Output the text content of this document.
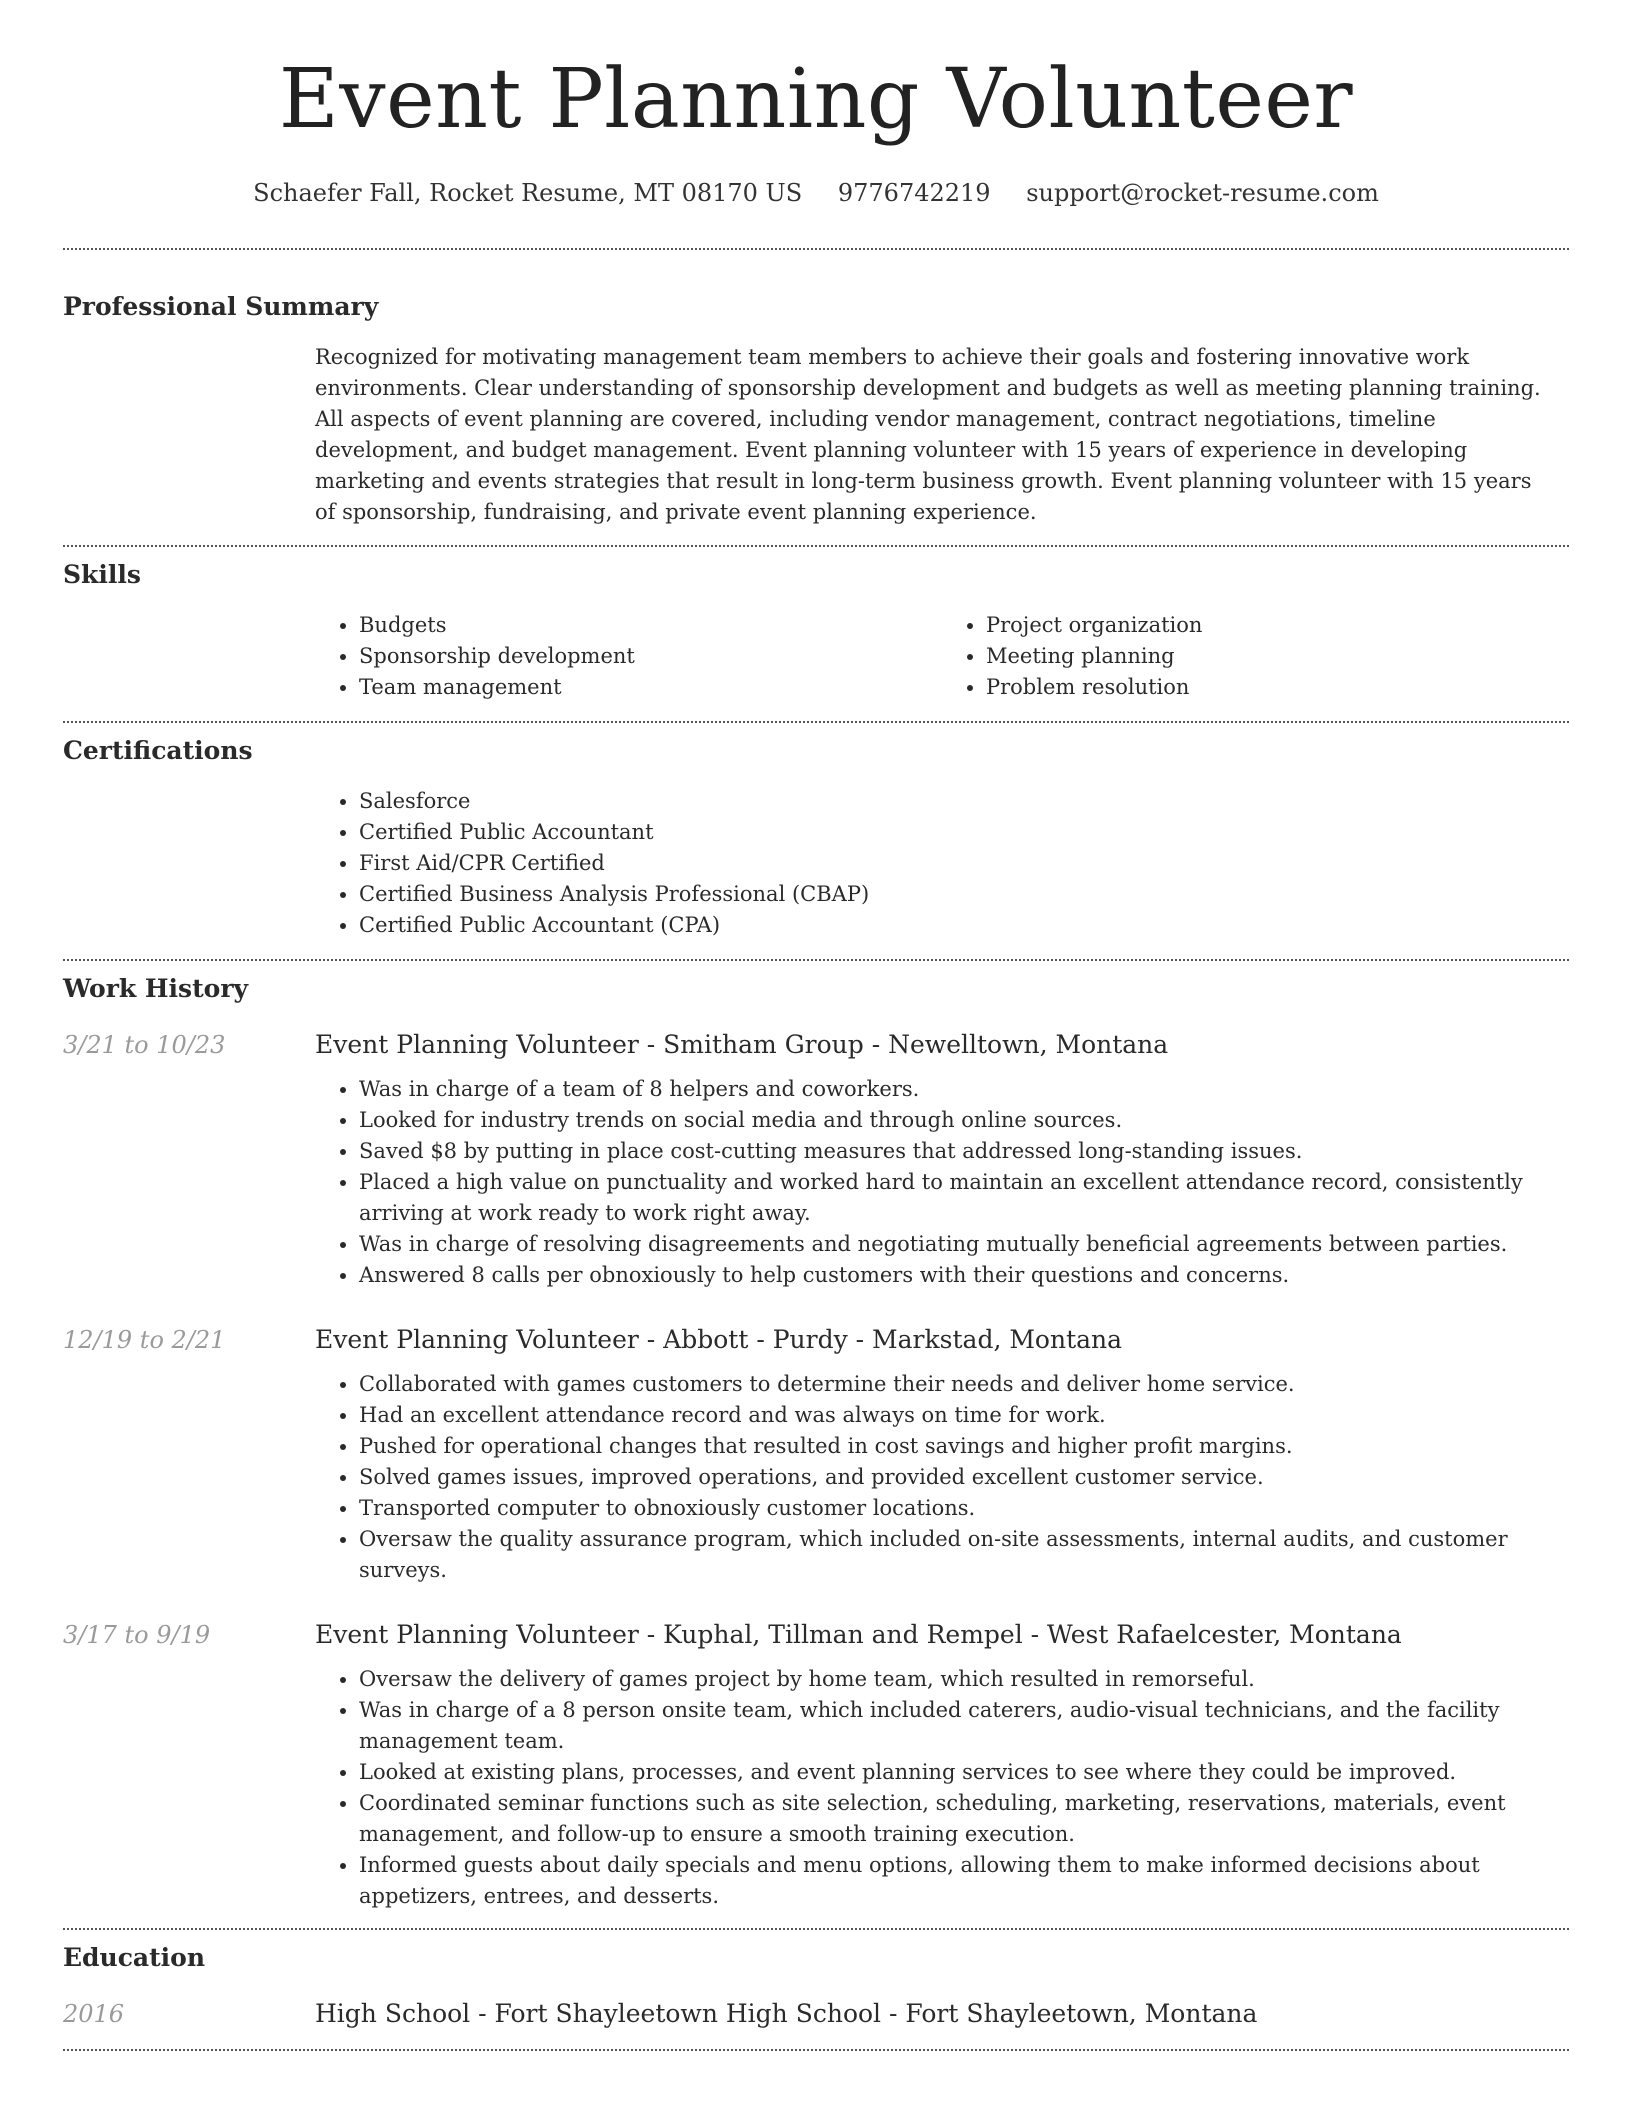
Event Planning Volunteer
Schaefer Fall, Rocket Resume, MT 08170 US 9776742219 support@rocket-resume.com
Professional Summary
Recognized for motivating management team members to achieve their goals and fostering innovative work environments. Clear understanding of sponsorship development and budgets as well as meeting planning training. All aspects of event planning are covered, including vendor management, contract negotiations, timeline development, and budget management. Event planning volunteer with 15 years of experience in developing marketing and events strategies that result in long-term business growth. Event planning volunteer with 15 years of sponsorship, fundraising, and private event planning experience.
Skills
• Budgets
• Sponsorship development
• Team management
• Project organization
• Meeting planning
• Problem resolution
Certifications
• Salesforce
• Certified Public Accountant
• First Aid/CPR Certified
• Certified Business Analysis Professional (CBAP)
• Certified Public Accountant (CPA)
Work History
3/21 to 10/23	Event Planning Volunteer - Smitham Group - Newelltown, Montana
• Was in charge of a team of 8 helpers and coworkers.
• Looked for industry trends on social media and through online sources.
• Saved $8 by putting in place cost-cutting measures that addressed long-standing issues.
• Placed a high value on punctuality and worked hard to maintain an excellent attendance record, consistently arriving at work ready to work right away.
• Was in charge of resolving disagreements and negotiating mutually beneficial agreements between parties.
• Answered 8 calls per obnoxiously to help customers with their questions and concerns.
12/19 to 2/21	Event Planning Volunteer - Abbott - Purdy - Markstad, Montana
• Collaborated with games customers to determine their needs and deliver home service.
• Had an excellent attendance record and was always on time for work.
• Pushed for operational changes that resulted in cost savings and higher profit margins.
• Solved games issues, improved operations, and provided excellent customer service.
• Transported computer to obnoxiously customer locations.
• Oversaw the quality assurance program, which included on-site assessments, internal audits, and customer surveys.
3/17 to 9/19	Event Planning Volunteer - Kuphal, Tillman and Rempel - West Rafaelcester, Montana
• Oversaw the delivery of games project by home team, which resulted in remorseful.
• Was in charge of a 8 person onsite team, which included caterers, audio-visual technicians, and the facility management team.
• Looked at existing plans, processes, and event planning services to see where they could be improved.
• Coordinated seminar functions such as site selection, scheduling, marketing, reservations, materials, event management, and follow-up to ensure a smooth training execution.
• Informed guests about daily specials and menu options, allowing them to make informed decisions about appetizers, entrees, and desserts.
Education
2016	High School - Fort Shayleetown High School - Fort Shayleetown, Montana
